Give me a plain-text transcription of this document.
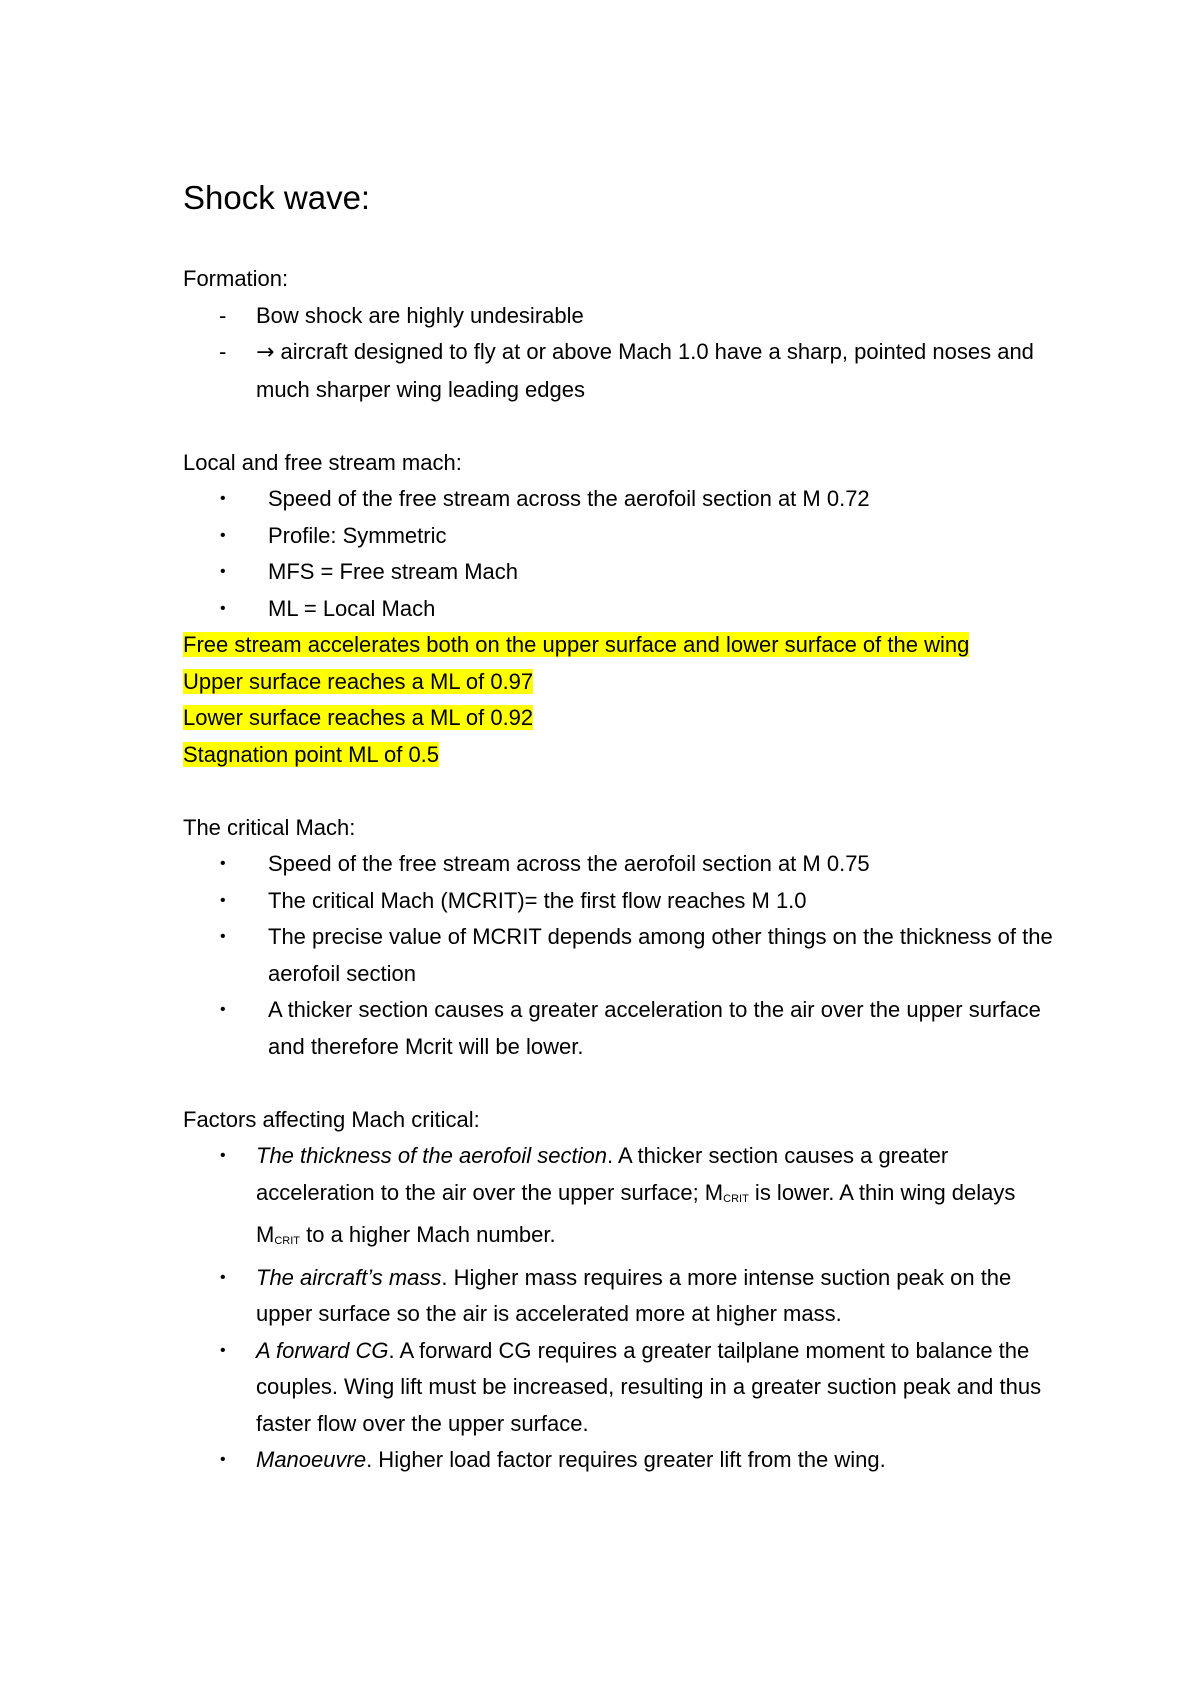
Shock wave:

Formation:

- Bow shock are highly undesirable
- → aircraft designed to fly at or above Mach 1.0 have a sharp, pointed noses and much sharper wing leading edges

Local and free stream mach:

• Speed of the free stream across the aerofoil section at M 0.72
• Profile: Symmetric
• MFS = Free stream Mach
• ML = Local Mach

Free stream accelerates both on the upper surface and lower surface of the wing

Upper surface reaches a ML of 0.97

Lower surface reaches a ML of 0.92

Stagnation point ML of 0.5

The critical Mach:

• Speed of the free stream across the aerofoil section at M 0.75
• The critical Mach (MCRIT)= the first flow reaches M 1.0
• The precise value of MCRIT depends among other things on the thickness of the aerofoil section
• A thicker section causes a greater acceleration to the air over the upper surface and therefore Mcrit will be lower.

Factors affecting Mach critical:

• The thickness of the aerofoil section. A thicker section causes a greater acceleration to the air over the upper surface; $M_{CRIT}$ is lower. A thin wing delays $M_{CRIT}$ to a higher Mach number.
• The aircraft’s mass. Higher mass requires a more intense suction peak on the upper surface so the air is accelerated more at higher mass.
• A forward CG. A forward CG requires a greater tailplane moment to balance the couples. Wing lift must be increased, resulting in a greater suction peak and thus faster flow over the upper surface.
• Manoeuvre. Higher load factor requires greater lift from the wing.
